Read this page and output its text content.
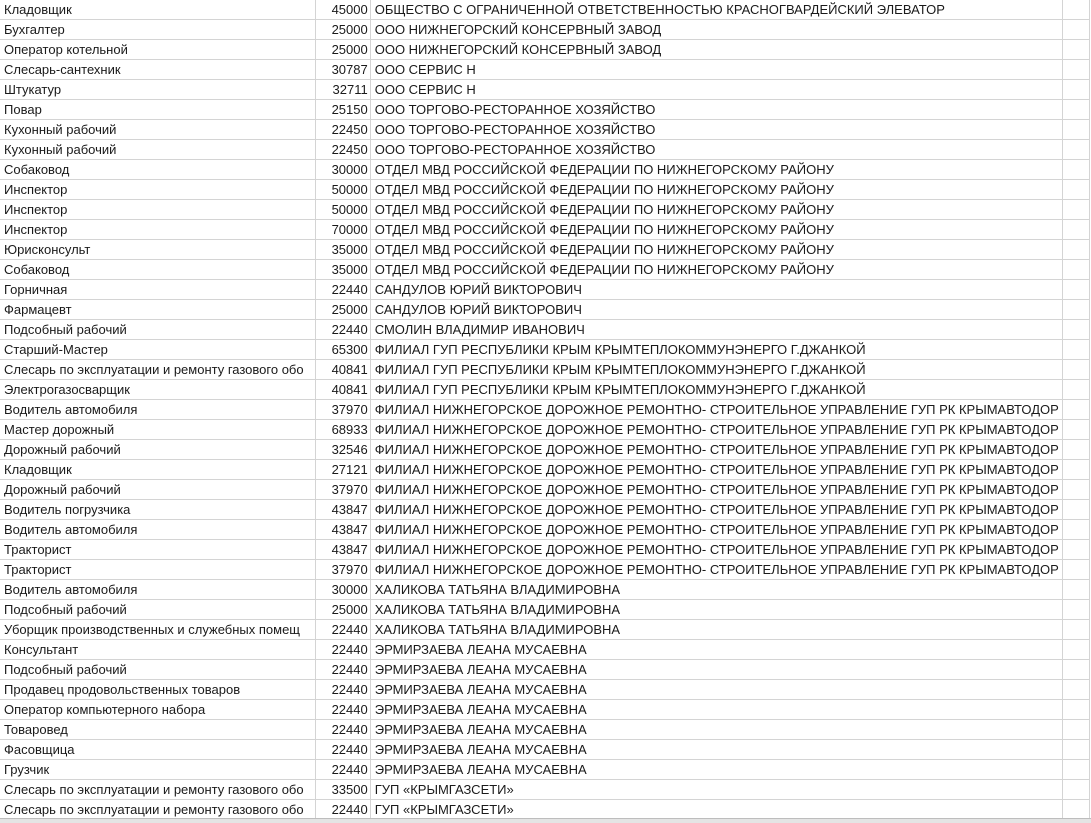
Кладовщик	45000	ОБЩЕСТВО С ОГРАНИЧЕННОЙ ОТВЕТСТВЕННОСТЬЮ КРАСНОГВАРДЕЙСКИЙ ЭЛЕВАТОР	
Бухгалтер	25000	ООО НИЖНЕГОРСКИЙ КОНСЕРВНЫЙ ЗАВОД	
Оператор котельной	25000	ООО НИЖНЕГОРСКИЙ КОНСЕРВНЫЙ ЗАВОД	
Слесарь-сантехник	30787	ООО СЕРВИС Н	
Штукатур	32711	ООО СЕРВИС Н	
Повар	25150	ООО ТОРГОВО-РЕСТОРАННОЕ ХОЗЯЙСТВО	
Кухонный рабочий	22450	ООО ТОРГОВО-РЕСТОРАННОЕ ХОЗЯЙСТВО	
Кухонный рабочий	22450	ООО ТОРГОВО-РЕСТОРАННОЕ ХОЗЯЙСТВО	
Собаковод	30000	ОТДЕЛ МВД РОССИЙСКОЙ ФЕДЕРАЦИИ ПО НИЖНЕГОРСКОМУ РАЙОНУ	
Инспектор	50000	ОТДЕЛ МВД РОССИЙСКОЙ ФЕДЕРАЦИИ ПО НИЖНЕГОРСКОМУ РАЙОНУ	
Инспектор	50000	ОТДЕЛ МВД РОССИЙСКОЙ ФЕДЕРАЦИИ ПО НИЖНЕГОРСКОМУ РАЙОНУ	
Инспектор	70000	ОТДЕЛ МВД РОССИЙСКОЙ ФЕДЕРАЦИИ ПО НИЖНЕГОРСКОМУ РАЙОНУ	
Юрисконсульт	35000	ОТДЕЛ МВД РОССИЙСКОЙ ФЕДЕРАЦИИ ПО НИЖНЕГОРСКОМУ РАЙОНУ	
Собаковод	35000	ОТДЕЛ МВД РОССИЙСКОЙ ФЕДЕРАЦИИ ПО НИЖНЕГОРСКОМУ РАЙОНУ	
Горничная	22440	САНДУЛОВ ЮРИЙ ВИКТОРОВИЧ	
Фармацевт	25000	САНДУЛОВ ЮРИЙ ВИКТОРОВИЧ	
Подсобный рабочий	22440	СМОЛИН ВЛАДИМИР ИВАНОВИЧ	
Старший-Мастер	65300	ФИЛИАЛ ГУП РЕСПУБЛИКИ КРЫМ КРЫМТЕПЛОКОММУНЭНЕРГО Г.ДЖАНКОЙ	
Слесарь по эксплуатации и ремонту газового обо	40841	ФИЛИАЛ ГУП РЕСПУБЛИКИ КРЫМ КРЫМТЕПЛОКОММУНЭНЕРГО Г.ДЖАНКОЙ	
Электрогазосварщик	40841	ФИЛИАЛ ГУП РЕСПУБЛИКИ КРЫМ КРЫМТЕПЛОКОММУНЭНЕРГО Г.ДЖАНКОЙ	
Водитель автомобиля	37970	ФИЛИАЛ НИЖНЕГОРСКОЕ ДОРОЖНОЕ РЕМОНТНО- СТРОИТЕЛЬНОЕ УПРАВЛЕНИЕ ГУП РК КРЫМАВТОДОР	
Мастер дорожный	68933	ФИЛИАЛ НИЖНЕГОРСКОЕ ДОРОЖНОЕ РЕМОНТНО- СТРОИТЕЛЬНОЕ УПРАВЛЕНИЕ ГУП РК КРЫМАВТОДОР	
Дорожный рабочий	32546	ФИЛИАЛ НИЖНЕГОРСКОЕ ДОРОЖНОЕ РЕМОНТНО- СТРОИТЕЛЬНОЕ УПРАВЛЕНИЕ ГУП РК КРЫМАВТОДОР	
Кладовщик	27121	ФИЛИАЛ НИЖНЕГОРСКОЕ ДОРОЖНОЕ РЕМОНТНО- СТРОИТЕЛЬНОЕ УПРАВЛЕНИЕ ГУП РК КРЫМАВТОДОР	
Дорожный рабочий	37970	ФИЛИАЛ НИЖНЕГОРСКОЕ ДОРОЖНОЕ РЕМОНТНО- СТРОИТЕЛЬНОЕ УПРАВЛЕНИЕ ГУП РК КРЫМАВТОДОР	
Водитель погрузчика	43847	ФИЛИАЛ НИЖНЕГОРСКОЕ ДОРОЖНОЕ РЕМОНТНО- СТРОИТЕЛЬНОЕ УПРАВЛЕНИЕ ГУП РК КРЫМАВТОДОР	
Водитель автомобиля	43847	ФИЛИАЛ НИЖНЕГОРСКОЕ ДОРОЖНОЕ РЕМОНТНО- СТРОИТЕЛЬНОЕ УПРАВЛЕНИЕ ГУП РК КРЫМАВТОДОР	
Тракторист	43847	ФИЛИАЛ НИЖНЕГОРСКОЕ ДОРОЖНОЕ РЕМОНТНО- СТРОИТЕЛЬНОЕ УПРАВЛЕНИЕ ГУП РК КРЫМАВТОДОР	
Тракторист	37970	ФИЛИАЛ НИЖНЕГОРСКОЕ ДОРОЖНОЕ РЕМОНТНО- СТРОИТЕЛЬНОЕ УПРАВЛЕНИЕ ГУП РК КРЫМАВТОДОР	
Водитель автомобиля	30000	ХАЛИКОВА ТАТЬЯНА ВЛАДИМИРОВНА	
Подсобный рабочий	25000	ХАЛИКОВА ТАТЬЯНА ВЛАДИМИРОВНА	
Уборщик производственных и служебных помещ	22440	ХАЛИКОВА ТАТЬЯНА ВЛАДИМИРОВНА	
Консультант	22440	ЭРМИРЗАЕВА ЛЕАНА МУСАЕВНА	
Подсобный рабочий	22440	ЭРМИРЗАЕВА ЛЕАНА МУСАЕВНА	
Продавец продовольственных товаров	22440	ЭРМИРЗАЕВА ЛЕАНА МУСАЕВНА	
Оператор компьютерного набора	22440	ЭРМИРЗАЕВА ЛЕАНА МУСАЕВНА	
Товаровед	22440	ЭРМИРЗАЕВА ЛЕАНА МУСАЕВНА	
Фасовщица	22440	ЭРМИРЗАЕВА ЛЕАНА МУСАЕВНА	
Грузчик	22440	ЭРМИРЗАЕВА ЛЕАНА МУСАЕВНА	
Слесарь по эксплуатации и ремонту газового обо	33500	ГУП «КРЫМГАЗСЕТИ»	
Слесарь по эксплуатации и ремонту газового обо	22440	ГУП «КРЫМГАЗСЕТИ»	
